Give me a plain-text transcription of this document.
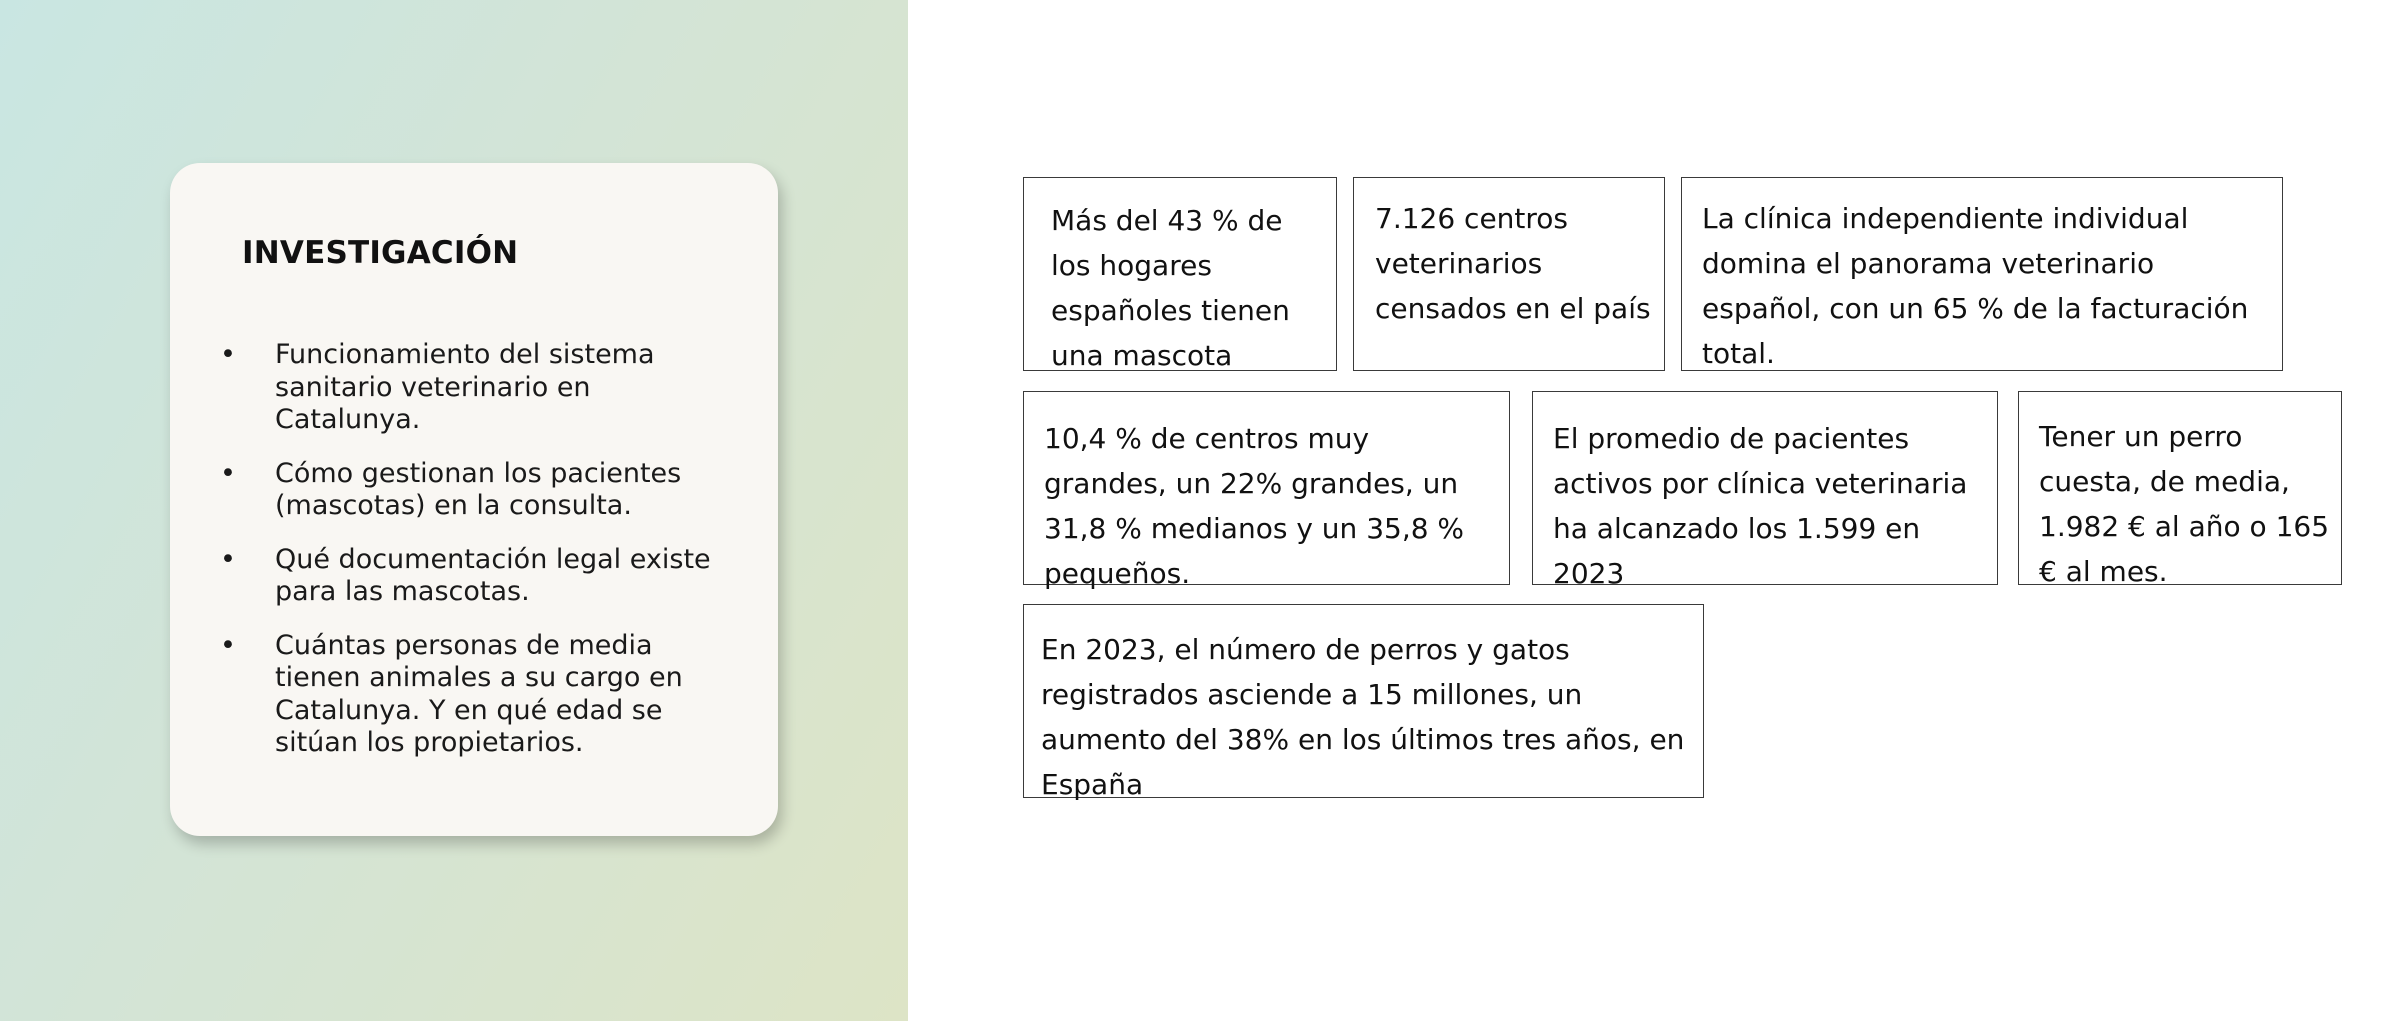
INVESTIGACIÓN
• Funcionamiento del sistema sanitario veterinario en Catalunya.
• Cómo gestionan los pacientes (mascotas) en la consulta.
• Qué documentación legal existe para las mascotas.
• Cuántas personas de media tienen animales a su cargo en Catalunya. Y en qué edad se sitúan los propietarios.
Más del 43 % de los hogares españoles tienen una mascota
7.126 centros veterinarios censados en el país
La clínica independiente individual domina el panorama veterinario español, con un 65 % de la facturación total.
10,4 % de centros muy grandes, un 22% grandes, un 31,8 % medianos y un 35,8 % pequeños.
El promedio de pacientes activos por clínica veterinaria ha alcanzado los 1.599 en 2023
Tener un perro cuesta, de media, 1.982 € al año o 165 € al mes.
En 2023, el número de perros y gatos registrados asciende a 15 millones, un aumento del 38% en los últimos tres años, en España
